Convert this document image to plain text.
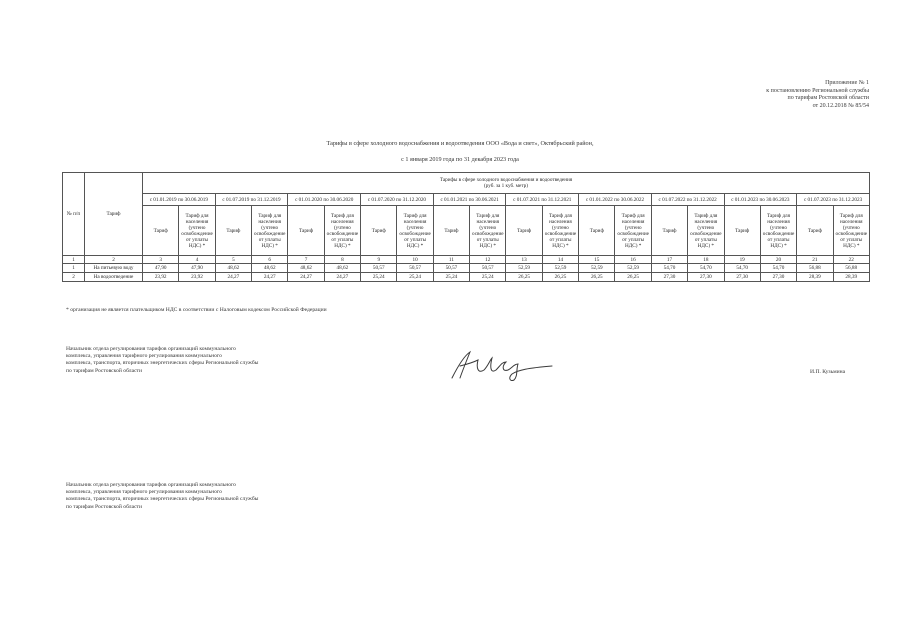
Приложение № 1
к постановлению Региональной службы
по тарифам Ростовской области
от 20.12.2018 № 85/54
Тарифы в сфере холодного водоснабжения и водоотведения ООО «Вода и свет», Октябрьский район,
с 1 января 2019 года по 31 декабря 2023 года
№ п/п	Тариф	Тарифы в сфере холодного водоснабжения и водоотведения
(руб. за 1 куб. метр)																			

		с 01.01.2019 по 30.06.2019		с 01.07.2019 по 31.12.2019		с 01.01.2020 по 30.06.2020		с 01.07.2020 по 31.12.2020		с 01.01.2021 по 30.06.2021		с 01.07.2021 по 31.12.2021		с 01.01.2022 по 30.06.2022		с 01.07.2022 по 31.12.2022		с 01.01.2023 по 30.06.2023		с 01.07.2023 по 31.12.2023	
		Тариф	Тариф для населения (учтено освобождение от уплаты НДС) *	Тариф	Тариф для населения (учтено освобождение от уплаты НДС) *	Тариф	Тариф для населения (учтено освобождение от уплаты НДС) *	Тариф	Тариф для населения (учтено освобождение от уплаты НДС) *	Тариф	Тариф для населения (учтено освобождение от уплаты НДС) *	Тариф	Тариф для населения (учтено освобождение от уплаты НДС) *	Тариф	Тариф для населения (учтено освобождение от уплаты НДС) *	Тариф	Тариф для населения (учтено освобождение от уплаты НДС) *	Тариф	Тариф для населения (учтено освобождение от уплаты НДС) *	Тариф	Тариф для населения (учтено освобождение от уплаты НДС) *
1	2	3	4	5	6	7	8	9	10	11	12	13	14	15	16	17	18	19	20	21	22
1	На питьевую воду	47,90	47,90	48,62	48,62	48,62	48,62	50,57	50,57	50,57	50,57	52,59	52,59	52,59	52,59	54,70	54,70	54,70	54,70	56,88	56,88
2	На водоотведение	23,92	23,92	24,27	24,27	24,27	24,27	25,24	25,24	25,24	25,24	26,25	26,25	26,25	26,25	27,30	27,30	27,30	27,30	28,39	28,39
* организация не является плательщиком НДС в соответствии с Налоговым кодексом Российской Федерации
Начальник отдела регулирования тарифов организаций коммунального
комплекса, управления тарифного регулирования коммунального
комплекса, транспорта, вторичных энергетических сферы Региональной службы
по тарифам Ростовской области	И.П. Кузьмина
Начальник отдела регулирования тарифов организаций коммунального
комплекса, управления тарифного регулирования коммунального
комплекса, транспорта, вторичных энергетических сферы Региональной службы
по тарифам Ростовской области
